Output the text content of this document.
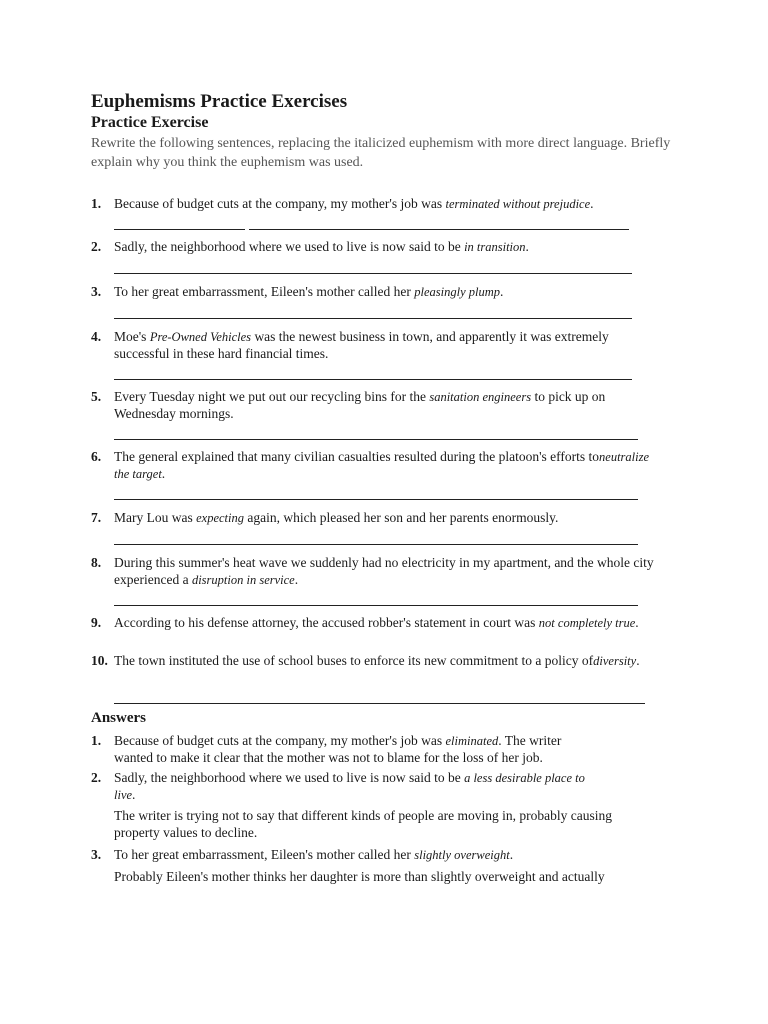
Euphemisms Practice Exercises
Practice Exercise

Rewrite the following sentences, replacing the italicized euphemism with more direct language. Briefly explain why you think the euphemism was used.

1. Because of budget cuts at the company, my mother's job was terminated without prejudice.
2. Sadly, the neighborhood where we used to live is now said to be in transition.
3. To her great embarrassment, Eileen's mother called her pleasingly plump.
4. Moe's Pre-Owned Vehicles was the newest business in town, and apparently it was extremely successful in these hard financial times.
5. Every Tuesday night we put out our recycling bins for the sanitation engineers to pick up on Wednesday mornings.
6. The general explained that many civilian casualties resulted during the platoon's efforts toneutralize the target.
7. Mary Lou was expecting again, which pleased her son and her parents enormously.
8. During this summer's heat wave we suddenly had no electricity in my apartment, and the whole city experienced a disruption in service.
9. According to his defense attorney, the accused robber's statement in court was not completely true.
10. The town instituted the use of school buses to enforce its new commitment to a policy ofdiversity.
Answers
1. Because of budget cuts at the company, my mother's job was eliminated. The writer wanted to make it clear that the mother was not to blame for the loss of her job.
2. Sadly, the neighborhood where we used to live is now said to be a less desirable place to live.
The writer is trying not to say that different kinds of people are moving in, probably causing property values to decline.
3. To her great embarrassment, Eileen's mother called her slightly overweight.
Probably Eileen's mother thinks her daughter is more than slightly overweight and actually
